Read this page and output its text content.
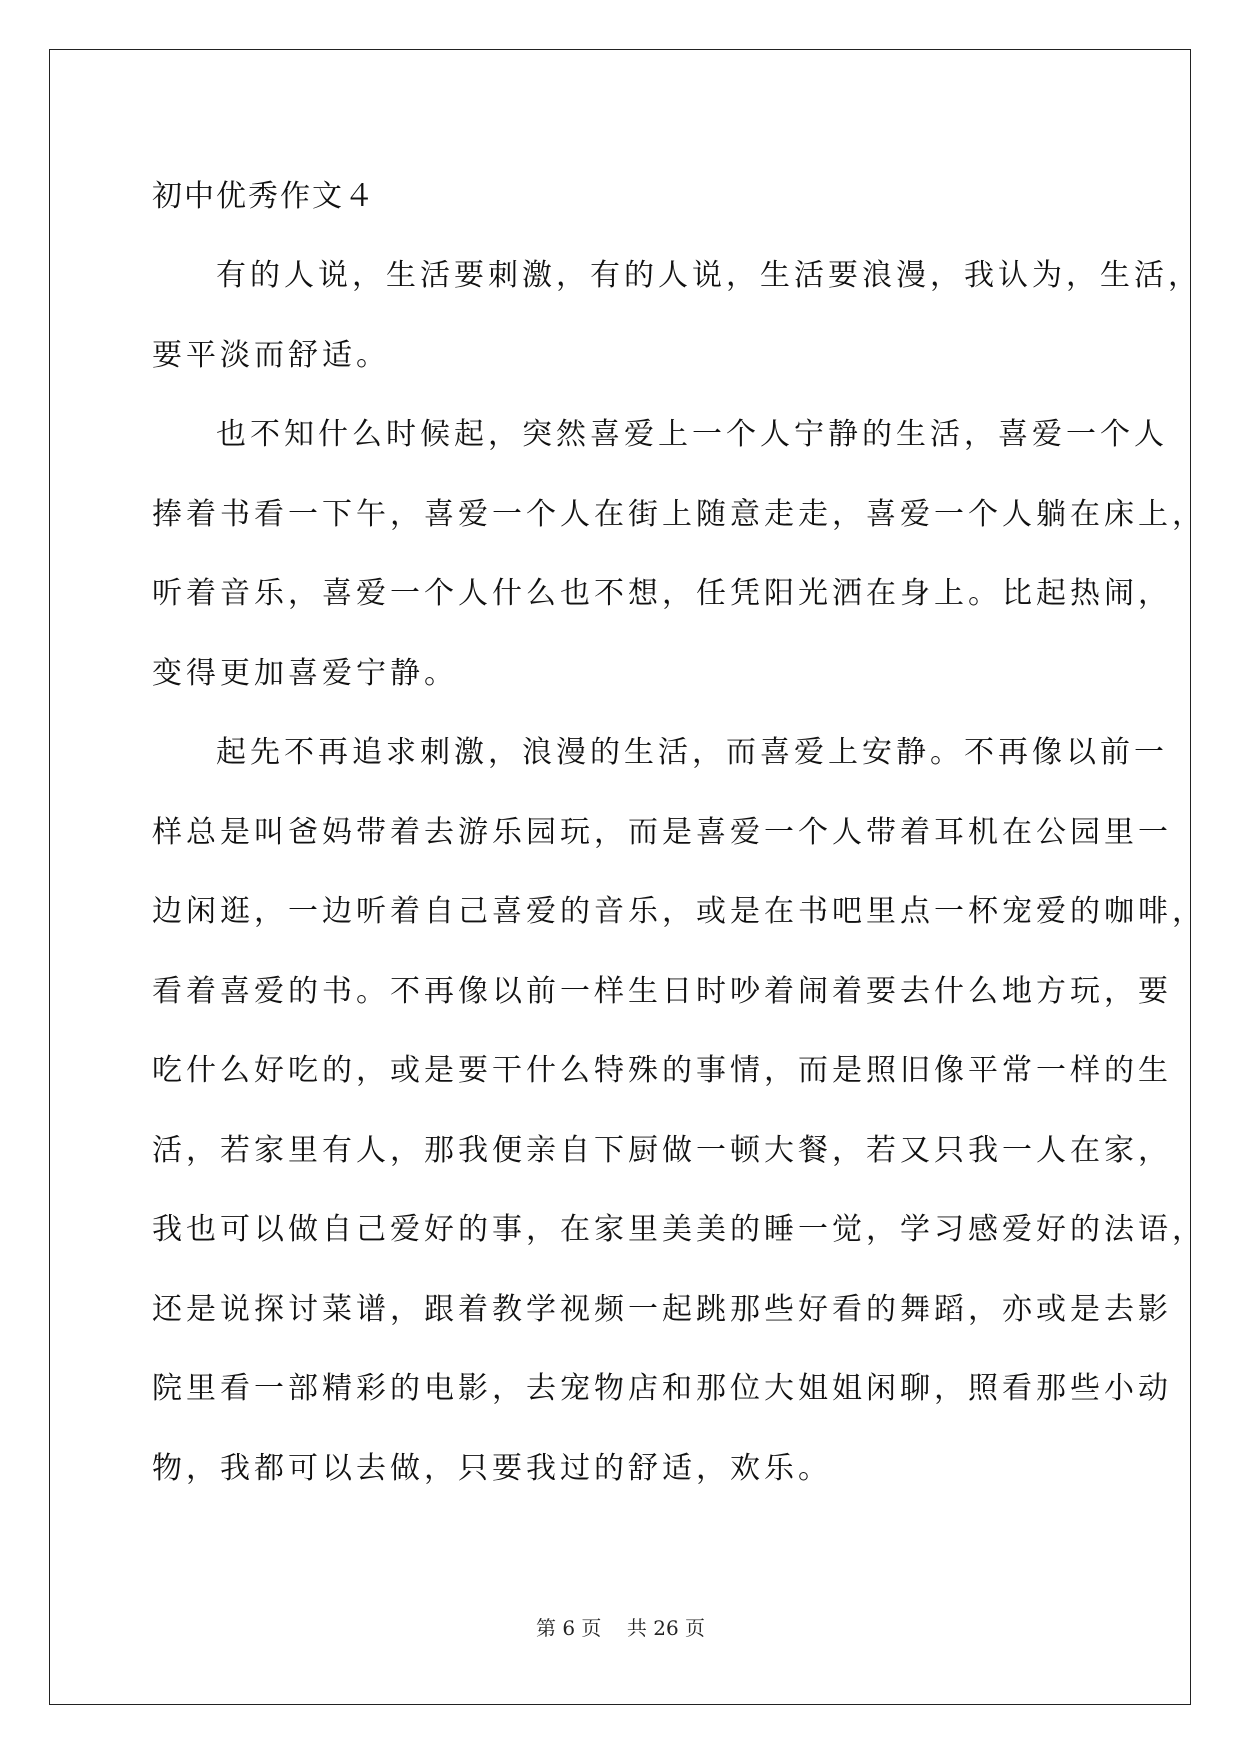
初中优秀作文４
有的人说，生活要刺激，有的人说，生活要浪漫，我认为，生活，
要平淡而舒适。
也不知什么时候起，突然喜爱上一个人宁静的生活，喜爱一个人
捧着书看一下午，喜爱一个人在街上随意走走，喜爱一个人躺在床上，
听着音乐，喜爱一个人什么也不想，任凭阳光洒在身上。比起热闹，
变得更加喜爱宁静。
起先不再追求刺激，浪漫的生活，而喜爱上安静。不再像以前一
样总是叫爸妈带着去游乐园玩，而是喜爱一个人带着耳机在公园里一
边闲逛，一边听着自己喜爱的音乐，或是在书吧里点一杯宠爱的咖啡，
看着喜爱的书。不再像以前一样生日时吵着闹着要去什么地方玩，要
吃什么好吃的，或是要干什么特殊的事情，而是照旧像平常一样的生
活，若家里有人，那我便亲自下厨做一顿大餐，若又只我一人在家，
我也可以做自己爱好的事，在家里美美的睡一觉，学习感爱好的法语，
还是说探讨菜谱，跟着教学视频一起跳那些好看的舞蹈，亦或是去影
院里看一部精彩的电影，去宠物店和那位大姐姐闲聊，照看那些小动
物，我都可以去做，只要我过的舒适，欢乐。
第 6 页 共 26 页
